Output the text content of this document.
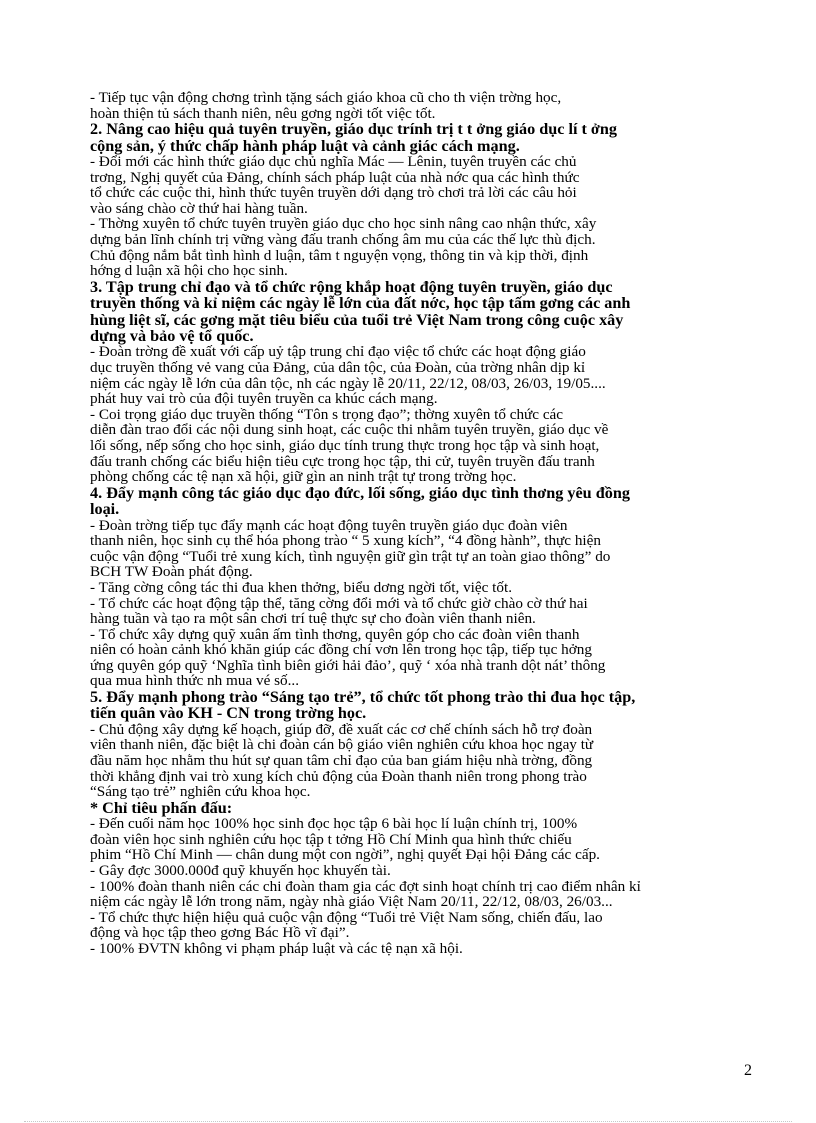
- Tiếp tục vận động chơng trình tặng sách giáo khoa cũ cho th viện trờng học,
hoàn thiện tủ sách thanh niên, nêu gơng ngời tốt việc tốt.
2. Nâng cao hiệu quả tuyên truyền, giáo dục trính trị t t ởng giáo dục lí t ởng
cộng sản, ý thức chấp hành pháp luật và cảnh giác cách mạng.
- Đổi mới các hình thức giáo dục chủ nghĩa Mác — Lênin, tuyên truyền các chủ
trơng, Nghị quyết của Đảng, chính sách pháp luật của nhà nớc qua các hình thức
tổ chức các cuộc thi, hình thức tuyên truyền dới dạng trò chơi trả lời các câu hỏi
vào sáng chào cờ thứ hai hàng tuần.
- Thờng xuyên tổ chức tuyên truyền giáo dục cho học sinh nâng cao nhận thức, xây
dựng bản lĩnh chính trị vững vàng đấu tranh chống âm mu của các thế lực thù địch.
Chủ động nắm bắt tình hình d luận, tâm t nguyện vọng, thông tin và kịp thời, định
hớng d luận xã hội cho học sinh.
3. Tập trung chỉ đạo và tổ chức rộng khắp hoạt động tuyên truyền, giáo dục
truyền thống và kỉ niệm các ngày lễ lớn của đất nớc, học tập tấm gơng các anh
hùng liệt sĩ, các gơng mặt tiêu biểu của tuổi trẻ Việt Nam trong công cuộc xây
dựng và bảo vệ tổ quốc.
- Đoàn trờng đề xuất với cấp uỷ tập trung chỉ đạo việc tổ chức các hoạt động giáo
dục truyền thống vẻ vang của Đảng, của dân tộc, của Đoàn, của trờng nhân dịp kỉ
niệm các ngày lễ lớn của dân tộc, nh các ngày lễ 20/11, 22/12, 08/03, 26/03, 19/05....
phát huy vai trò của đội tuyên truyền ca khúc cách mạng.
- Coi trọng giáo dục truyền thống “Tôn s trọng đạo”; thờng xuyên tổ chức các
diễn đàn trao đổi các nội dung sinh hoạt, các cuộc thi nhằm tuyên truyền, giáo dục về
lối sống, nếp sống cho học sinh, giáo dục tính trung thực trong học tập và sinh hoạt,
đấu tranh chống các biểu hiện tiêu cực trong học tập, thi cử, tuyên truyền đấu tranh
phòng chống các tệ nạn xã hội, giữ gìn an ninh trật tự trong trờng học.
4. Đẩy mạnh công tác giáo dục đạo đức, lối sống, giáo dục tình thơng yêu đồng
loại.
- Đoàn trờng tiếp tục đẩy mạnh các hoạt động tuyên truyền giáo dục đoàn viên
thanh niên, học sinh cụ thể hóa phong trào “ 5 xung kích”, “4 đồng hành”, thực hiện
cuộc vận động “Tuổi trẻ xung kích, tình nguyện giữ gìn trật tự an toàn giao thông” do
BCH TW Đoàn phát động.
- Tăng cờng công tác thi đua khen thởng, biểu dơng ngời tốt, việc tốt.
- Tổ chức các hoạt động tập thể, tăng cờng đổi mới và tổ chức giờ chào cờ thứ hai
hàng tuần và tạo ra một sân chơi trí tuệ thực sự cho đoàn viên thanh niên.
- Tổ chức xây dựng quỹ xuân ấm tình thơng, quyên góp cho các đoàn viên thanh
niên có hoàn cảnh khó khăn giúp các đồng chí vơn lên trong học tập, tiếp tục hởng
ứng quyên góp quỹ ‘Nghĩa tình biên giới hải đảo’, quỹ ‘ xóa nhà tranh dột nát’ thông
qua mua hình thức nh mua vé số...
5. Đẩy mạnh phong trào “Sáng tạo trẻ”, tổ chức tốt phong trào thi đua học tập,
tiến quân vào KH - CN trong trờng học.
- Chủ động xây dựng kế hoạch, giúp đỡ, đề xuất các cơ chế chính sách hỗ trợ đoàn
viên thanh niên, đặc biệt là chi đoàn cán bộ giáo viên nghiên cứu khoa học ngay từ
đầu năm học nhằm thu hút sự quan tâm chỉ đạo của ban giám hiệu nhà trờng, đồng
thời khẳng định vai trò xung kích chủ động của Đoàn thanh niên trong phong trào
“Sáng tạo trẻ” nghiên cứu khoa học.
* Chỉ tiêu phấn đấu:
- Đến cuối năm học 100% học sinh đọc học tập 6 bài học lí luận chính trị, 100%
đoàn viên học sinh nghiên cứu học tập t tởng Hồ Chí Minh qua hình thức chiếu
phim “Hồ Chí Minh — chân dung một con ngời”, nghị quyết Đại hội Đảng các cấp.
- Gây đợc 3000.000đ quỹ khuyến học khuyến tài.
- 100% đoàn thanh niên các chi đoàn tham gia các đợt sinh hoạt chính trị cao điểm nhân kỉ
niệm các ngày lễ lớn trong năm, ngày nhà giáo Việt Nam 20/11, 22/12, 08/03, 26/03...
- Tổ chức thực hiện hiệu quả cuộc vận động “Tuổi trẻ Việt Nam sống, chiến đấu, lao
động và học tập theo gơng Bác Hồ vĩ đại”.
- 100% ĐVTN không vi phạm pháp luật và các tệ nạn xã hội.
2
